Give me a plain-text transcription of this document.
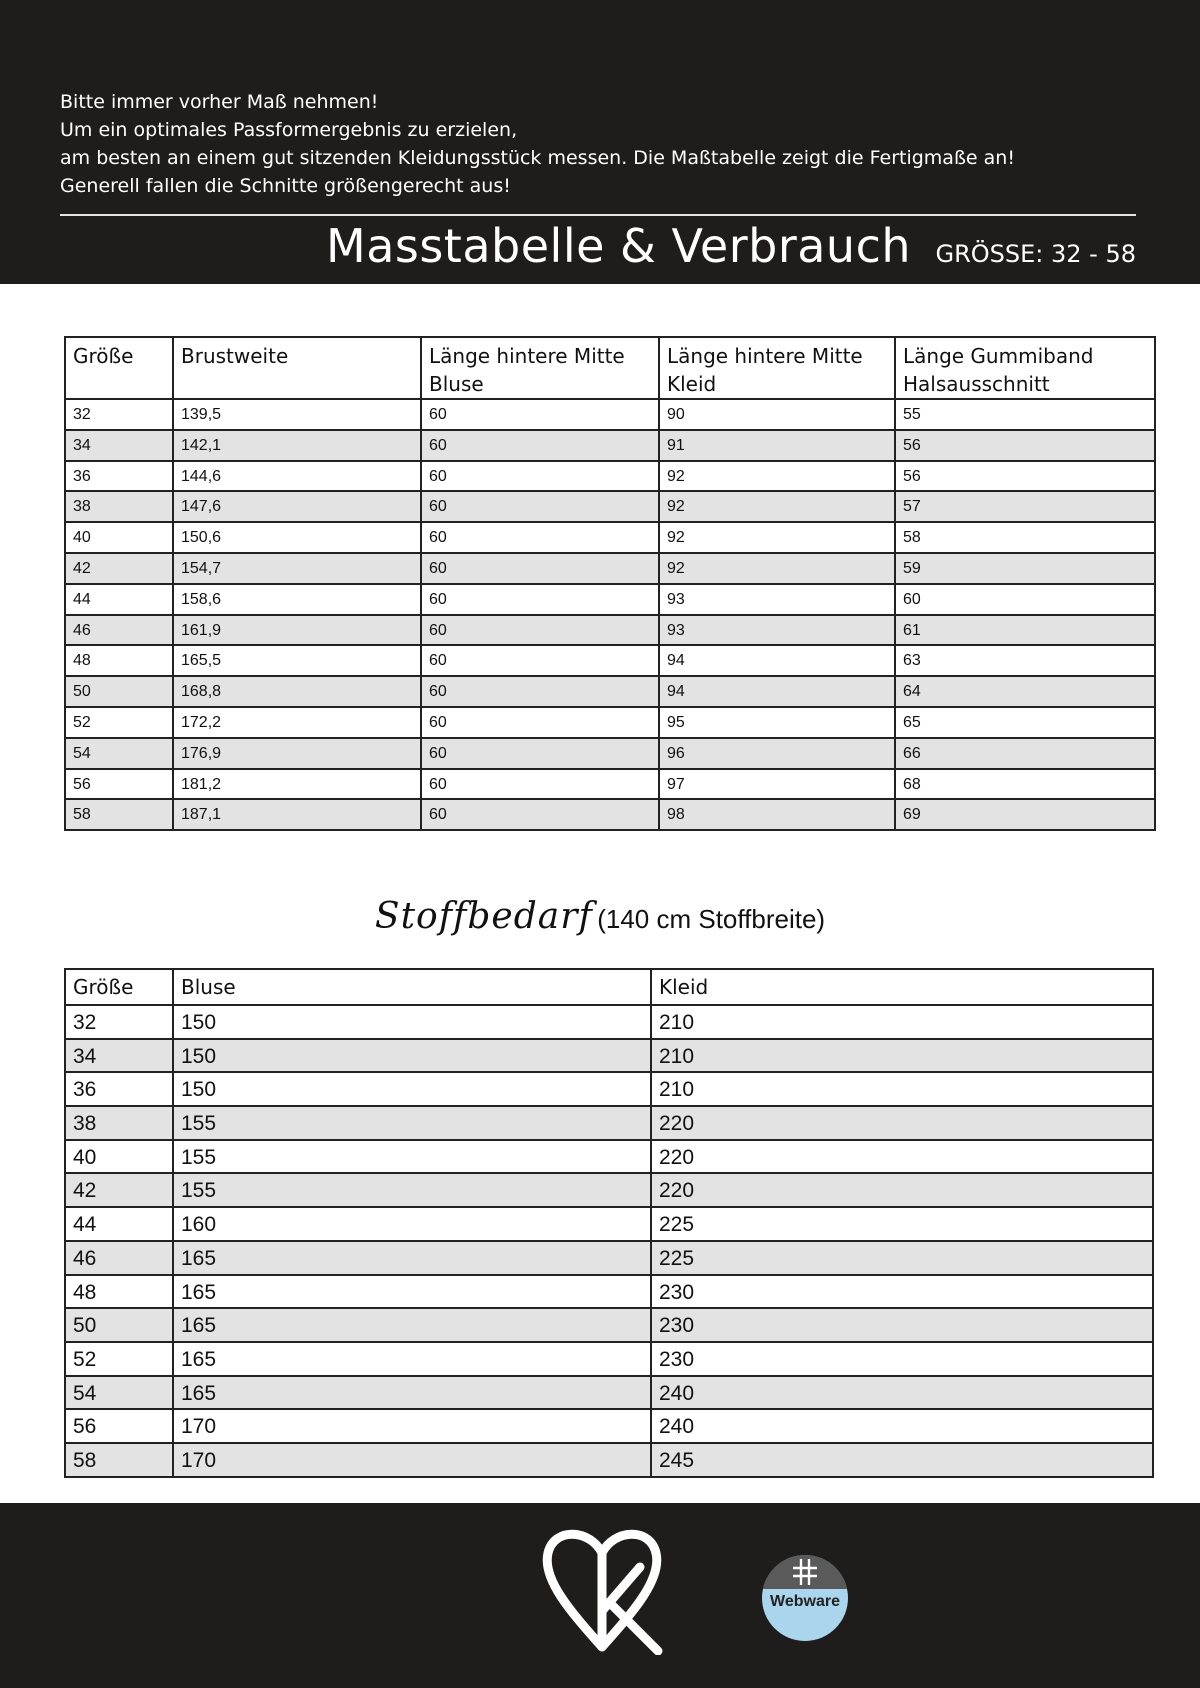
Bitte immer vorher Maß nehmen!
Um ein optimales Passformergebnis zu erzielen,
am besten an einem gut sitzenden Kleidungsstück messen. Die Maßtabelle zeigt die Fertigmaße an!
Generell fallen die Schnitte größengerecht aus!
Masstabelle & Verbrauch GRÖSSE: 32 - 58
Größe	Brustweite	Länge hintere Mitte Bluse	Länge hintere Mitte Kleid	Länge Gummiband Halsausschnitt
32	139,5	60	90	55
34	142,1	60	91	56
36	144,6	60	92	56
38	147,6	60	92	57
40	150,6	60	92	58
42	154,7	60	92	59
44	158,6	60	93	60
46	161,9	60	93	61
48	165,5	60	94	63
50	168,8	60	94	64
52	172,2	60	95	65
54	176,9	60	96	66
56	181,2	60	97	68
58	187,1	60	98	69
Stoffbedarf (140 cm Stoffbreite)
Größe	Bluse	Kleid
32	150	210
34	150	210
36	150	210
38	155	220
40	155	220
42	155	220
44	160	225
46	165	225
48	165	230
50	165	230
52	165	230
54	165	240
56	170	240
58	170	245
Webware
